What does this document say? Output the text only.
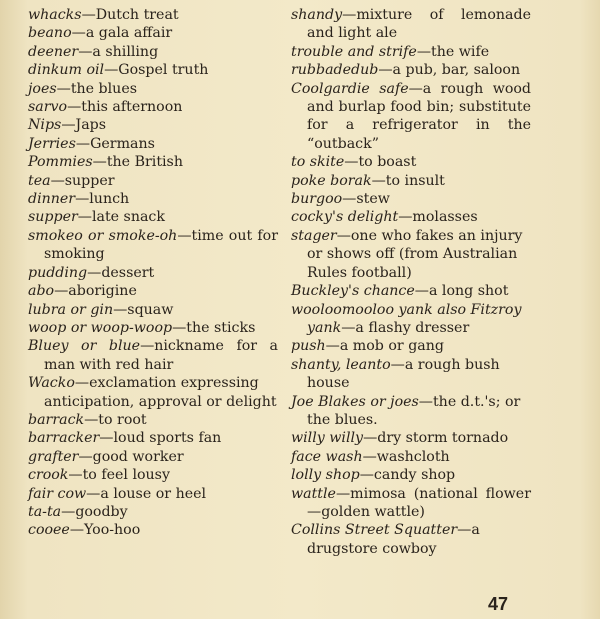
whacks—Dutch treat

beano—a gala affair

deener—a shilling

dinkum oil—Gospel truth

joes—the blues

sarvo—this afternoon

Nips—Japs

Jerries—Germans

Pommies—the British

tea—supper

dinner—lunch

supper—late snack

smokeo or smoke-oh—time out for smoking

pudding—dessert

abo—aborigine

lubra or gin—squaw

woop or woop-woop—the sticks

Bluey or blue—nickname for a man with red hair

Wacko—exclamation expressing anticipation, approval or delight

barrack—to root

barracker—loud sports fan

grafter—good worker

crook—to feel lousy

fair cow—a louse or heel

ta-ta—goodby

cooee—Yoo-hoo

shandy—mixture of lemonade and light ale

trouble and strife—the wife

rubbadedub—a pub, bar, saloon

Coolgardie safe—a rough wood and burlap food bin; substitute for a refrigerator in the “outback”

to skite—to boast

poke borak—to insult

burgoo—stew

cocky's delight—molasses

stager—one who fakes an injury or shows off (from Australian Rules football)

Buckley's chance—a long shot

wooloomooloo yank also Fitzroy yank—a flashy dresser

push—a mob or gang

shanty, leanto—a rough bush house

Joe Blakes or joes—the d.t.'s; or the blues.

willy willy—dry storm tornado

face wash—washcloth

lolly shop—candy shop

wattle—mimosa (national flower—golden wattle)

Collins Street Squatter—a drugstore cowboy

47
